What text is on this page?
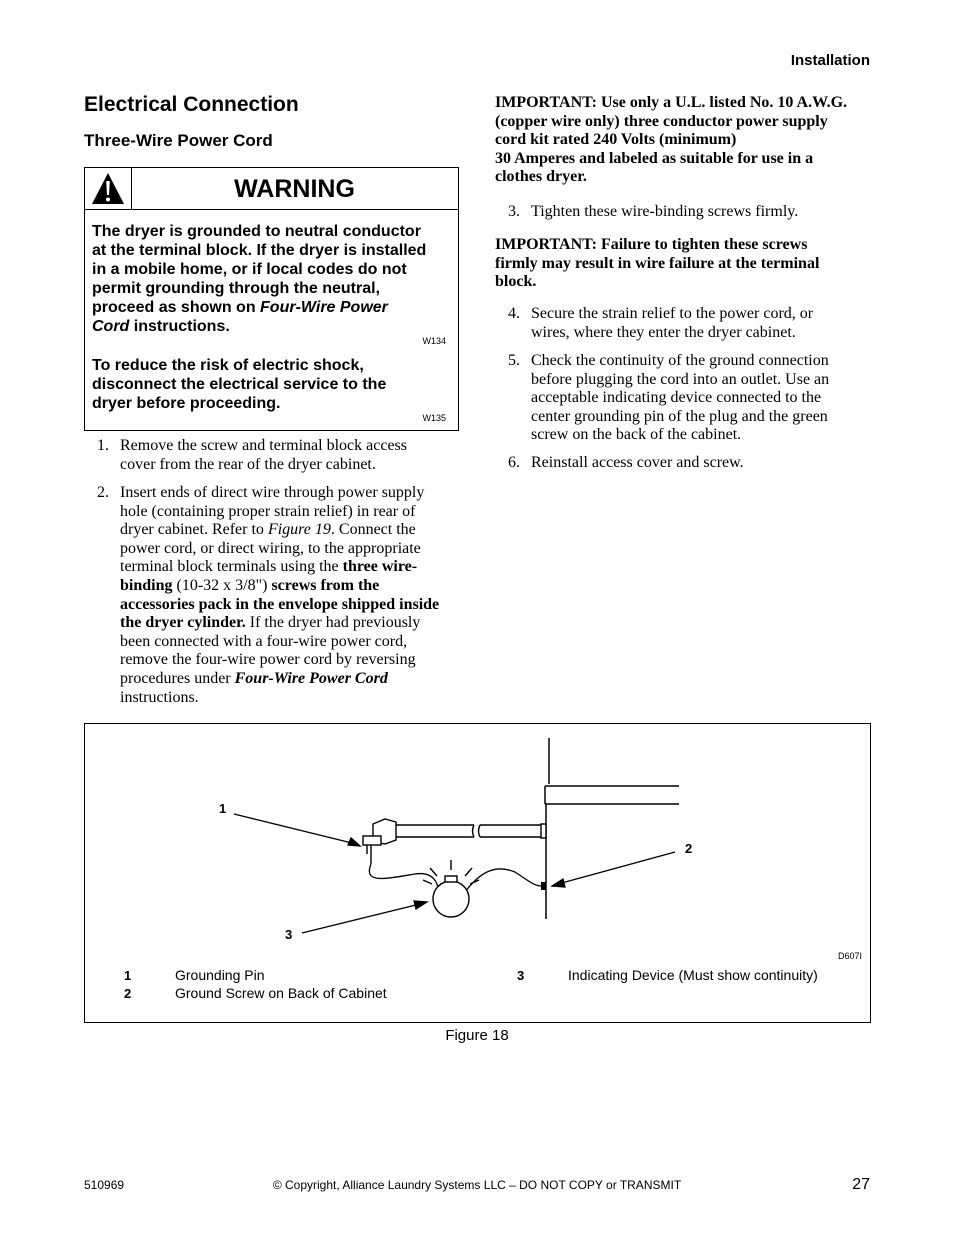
Installation
Electrical Connection
Three-Wire Power Cord
WARNING
The dryer is grounded to neutral conductor
at the terminal block. If the dryer is installed
in a mobile home, or if local codes do not
permit grounding through the neutral,
proceed as shown on Four-Wire Power
Cord instructions.
W134
To reduce the risk of electric shock,
disconnect the electrical service to the
dryer before proceeding.
W135
1. Remove the screw and terminal block access
cover from the rear of the dryer cabinet.
2. Insert ends of direct wire through power supply
hole (containing proper strain relief) in rear of
dryer cabinet. Refer to Figure 19. Connect the
power cord, or direct wiring, to the appropriate
terminal block terminals using the three wire-
binding (10-32 x 3/8") screws from the
accessories pack in the envelope shipped inside
the dryer cylinder. If the dryer had previously
been connected with a four-wire power cord,
remove the four-wire power cord by reversing
procedures under Four-Wire Power Cord
instructions.
IMPORTANT: Use only a U.L. listed No. 10 A.W.G.
(copper wire only) three conductor power supply
cord kit rated 240 Volts (minimum)
30 Amperes and labeled as suitable for use in a
clothes dryer.
3. Tighten these wire-binding screws firmly.
IMPORTANT: Failure to tighten these screws
firmly may result in wire failure at the terminal
block.
4. Secure the strain relief to the power cord, or
wires, where they enter the dryer cabinet.
5. Check the continuity of the ground connection
before plugging the cord into an outlet. Use an
acceptable indicating device connected to the
center grounding pin of the plug and the green
screw on the back of the cabinet.
6. Reinstall access cover and screw.
1
2
3
D607I
1	Grounding Pin
2	Ground Screw on Back of Cabinet
3	Indicating Device (Must show continuity)
Figure 18
510969	© Copyright, Alliance Laundry Systems LLC – DO NOT COPY or TRANSMIT	27
